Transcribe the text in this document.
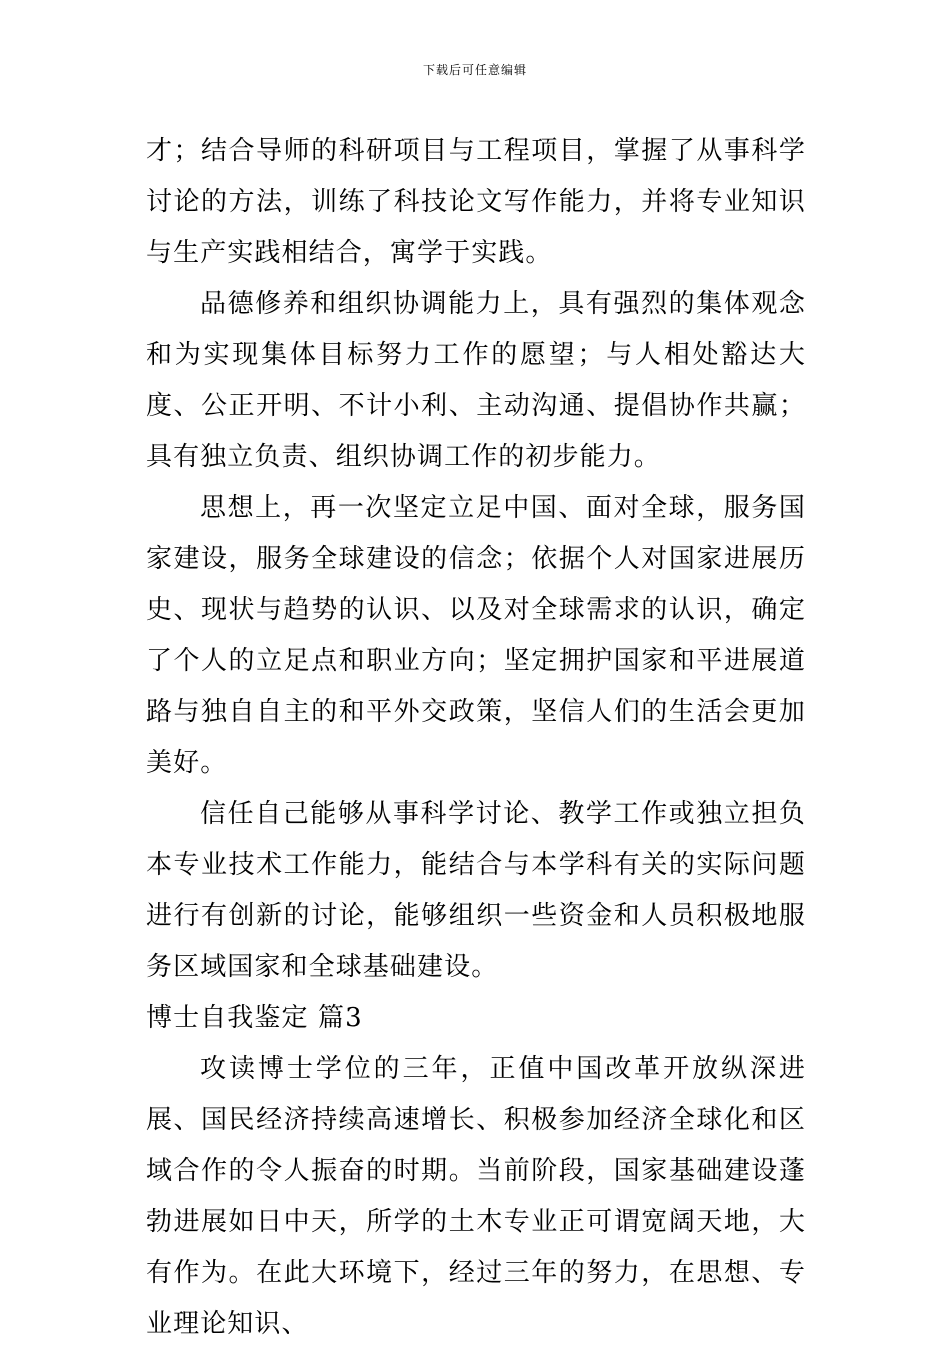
下载后可任意编辑

才；结合导师的科研项目与工程项目，掌握了从事科学讨论的方法，训练了科技论文写作能力，并将专业知识与生产实践相结合，寓学于实践。

品德修养和组织协调能力上，具有强烈的集体观念和为实现集体目标努力工作的愿望；与人相处豁达大度、公正开明、不计小利、主动沟通、提倡协作共赢；具有独立负责、组织协调工作的初步能力。

思想上，再一次坚定立足中国、面对全球，服务国家建设，服务全球建设的信念；依据个人对国家进展历史、现状与趋势的认识、以及对全球需求的认识，确定了个人的立足点和职业方向；坚定拥护国家和平进展道路与独自自主的和平外交政策，坚信人们的生活会更加美好。

信任自己能够从事科学讨论、教学工作或独立担负本专业技术工作能力，能结合与本学科有关的实际问题进行有创新的讨论，能够组织一些资金和人员积极地服务区域国家和全球基础建设。

博士自我鉴定 篇3

攻读博士学位的三年，正值中国改革开放纵深进展、国民经济持续高速增长、积极参加经济全球化和区域合作的令人振奋的时期。当前阶段，国家基础建设蓬勃进展如日中天，所学的土木专业正可谓宽阔天地，大有作为。在此大环境下，经过三年的努力，在思想、专业理论知识、
